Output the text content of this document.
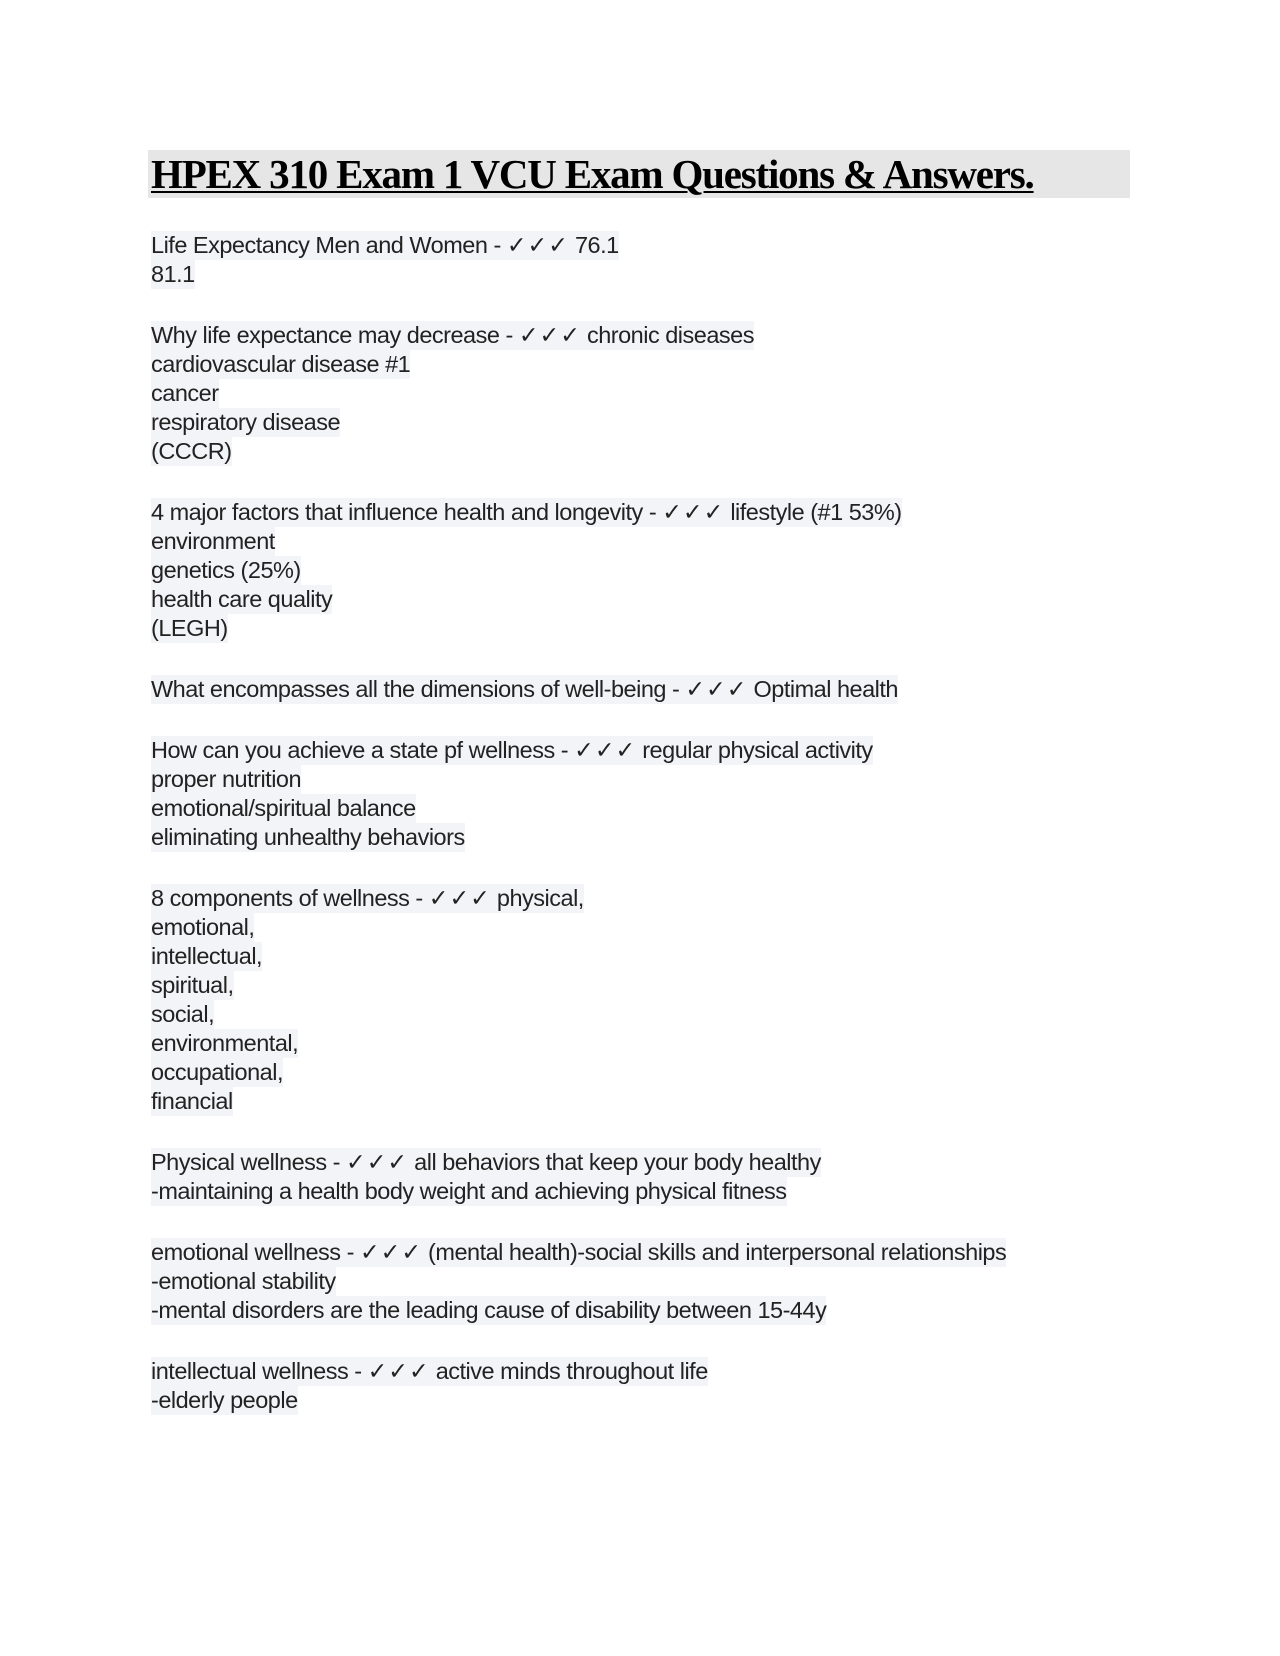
HPEX 310 Exam 1 VCU Exam Questions & Answers.
Life Expectancy Men and Women - ✓✓✓ 76.1
81.1
Why life expectance may decrease - ✓✓✓ chronic diseases
cardiovascular disease #1
cancer
respiratory disease
(CCCR)
4 major factors that influence health and longevity - ✓✓✓ lifestyle (#1 53%)
environment
genetics (25%)
health care quality
(LEGH)
What encompasses all the dimensions of well-being - ✓✓✓ Optimal health
How can you achieve a state pf wellness - ✓✓✓ regular physical activity
proper nutrition
emotional/spiritual balance
eliminating unhealthy behaviors
8 components of wellness - ✓✓✓ physical,
emotional,
intellectual,
spiritual,
social,
environmental,
occupational,
financial
Physical wellness - ✓✓✓ all behaviors that keep your body healthy
-maintaining a health body weight and achieving physical fitness
emotional wellness - ✓✓✓ (mental health)-social skills and interpersonal relationships
-emotional stability
-mental disorders are the leading cause of disability between 15-44y
intellectual wellness - ✓✓✓ active minds throughout life
-elderly people
